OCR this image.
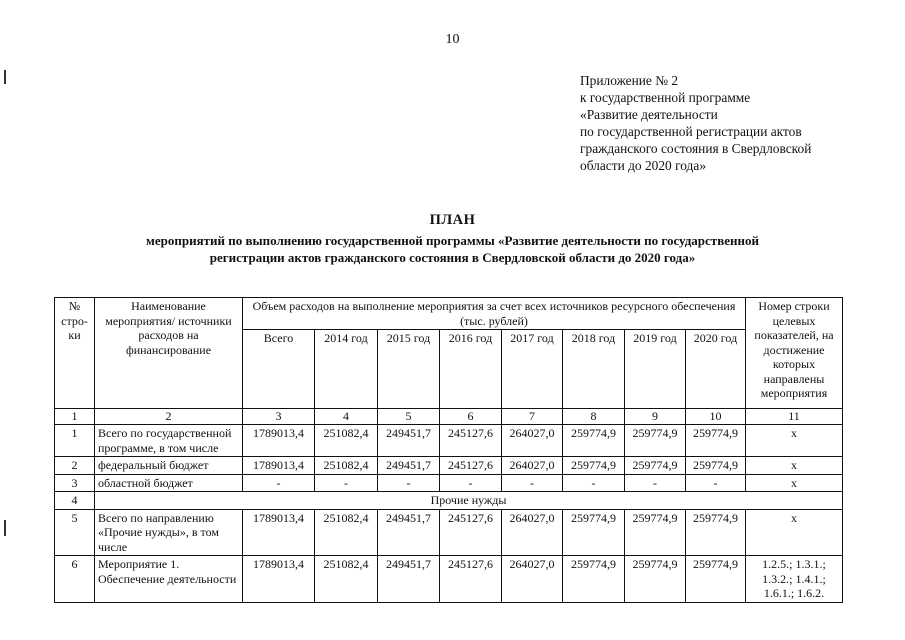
10
Приложение № 2
к государственной программе
«Развитие деятельности
по государственной регистрации актов
гражданского состояния в Свердловской
области до 2020 года»
ПЛАН
мероприятий по выполнению государственной программы «Развитие деятельности по государственной
регистрации актов гражданского состояния в Свердловской области до 2020 года»
№ стро-ки	Наименование мероприятия/ источники расходов на финансирование	Объем расходов на выполнение мероприятия за счет всех источников ресурсного обеспечения (тыс. рублей)								Номер строки целевых показателей, на достижение которых направлены мероприятия
		Всего	2014 год	2015 год	2016 год	2017 год	2018 год	2019 год	2020 год	
1	2	3	4	5	6	7	8	9	10	11
1	Всего по государственной программе, в том числе	1789013,4	251082,4	249451,7	245127,6	264027,0	259774,9	259774,9	259774,9	х
2	федеральный бюджет	1789013,4	251082,4	249451,7	245127,6	264027,0	259774,9	259774,9	259774,9	х
3	областной бюджет	-	-	-	-	-	-	-	-	х
4	Прочие нужды									
5	Всего по направлению «Прочие нужды», в том числе	1789013,4	251082,4	249451,7	245127,6	264027,0	259774,9	259774,9	259774,9	х
6	Мероприятие 1. Обеспечение деятельности	1789013,4	251082,4	249451,7	245127,6	264027,0	259774,9	259774,9	259774,9	1.2.5.; 1.3.1.; 1.3.2.; 1.4.1.; 1.6.1.; 1.6.2.
